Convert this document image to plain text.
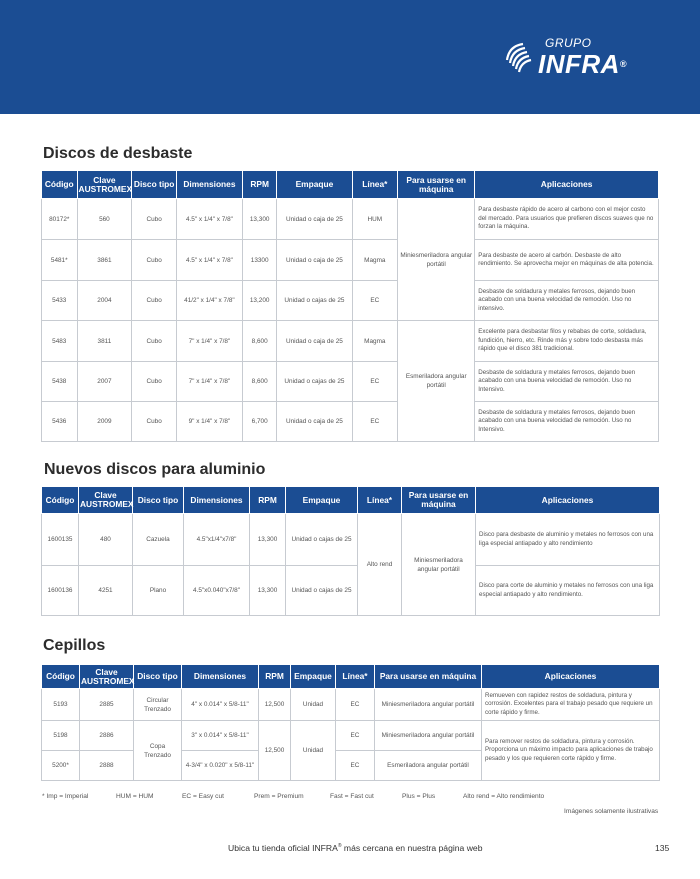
GRUPO
INFRA®
Discos de desbaste
Código	Clave AUSTROMEX	Disco tipo	Dimensiones	RPM	Empaque	Línea*	Para usarse en máquina	Aplicaciones
80172*	560	Cubo	4.5" x 1/4" x 7/8"	13,300	Unidad o caja de 25	HUM	Miniesmeriladora angular portátil	Para desbaste rápido de acero al carbono con el mejor costo del mercado. Para usuarios que prefieren discos suaves que no forzan la máquina.
5481*	3861	Cubo	4.5" x 1/4" x 7/8"	13300	Unidad o caja de 25	Magma		Para desbaste de acero al carbón. Desbaste de alto rendimiento. Se aprovecha mejor en máquinas de alta potencia.
5433	2004	Cubo	41/2" x 1/4" x 7/8"	13,200	Unidad o cajas de 25	EC		Desbaste de soldadura y metales ferrosos, dejando buen acabado con una buena velocidad de remoción. Uso no intensivo.
5483	3811	Cubo	7" x 1/4" x 7/8"	8,600	Unidad o caja de 25	Magma	Esmeriladora angular portátil	Excelente para desbastar filos y rebabas de corte, soldadura, fundición, hierro, etc. Rinde más y sobre todo desbasta más rápido que el disco 381 tradicional.
5438	2007	Cubo	7" x 1/4" x 7/8"	8,600	Unidad o cajas de 25	EC		Desbaste de soldadura y metales ferrosos, dejando buen acabado con una buena velocidad de remoción. Uso no Intensivo.
5436	2009	Cubo	9" x 1/4" x 7/8"	6,700	Unidad o caja de 25	EC		Desbaste de soldadura y metales ferrosos, dejando buen acabado con una buena velocidad de remoción. Uso no Intensivo.
Nuevos discos para aluminio
Código	Clave AUSTROMEX	Disco tipo	Dimensiones	RPM	Empaque	Línea*	Para usarse en máquina	Aplicaciones
1600135	480	Cazuela	4.5"x1/4"x7/8"	13,300	Unidad o cajas de 25	Alto rend	Miniesmeriladora angular portátil	Disco para desbaste de aluminio y metales no ferrosos con una liga especial antiapado y alto rendimiento
1600136	4251	Plano	4.5"x0.040"x7/8"	13,300	Unidad o cajas de 25			Disco para corte de aluminio y metales no ferrosos con una liga especial antiapado y alto rendimiento.
Cepillos
Código	Clave AUSTROMEX	Disco tipo	Dimensiones	RPM	Empaque	Línea*	Para usarse en máquina	Aplicaciones
5193	2885	Circular Trenzado	4" x 0.014" x 5/8-11"	12,500	Unidad	EC	Miniesmeriladora angular portátil	Remueven con rapidez restos de soldadura, pintura y corrosión. Excelentes para el trabajo pesado que requiere un corte rápido y firme.
5198	2886	Copa Trenzado	3" x 0.014" x 5/8-11"	12,500	Unidad	EC	Miniesmeriladora angular portátil	Para remover restos de soldadura, pintura y corrosión. Proporciona un máximo impacto para aplicaciones de trabajo pesado y los que requieren corte rápido y firme.
5200*	2888		4-3/4" x 0.020" x 5/8-11"			EC	Esmeriladora angular portátil	
* Imp = Imperial	HUM = HUM	EC = Easy cut	Prem = Premium	Fast = Fast cut	Plus = Plus	Alto rend = Alto rendimiento
Imágenes solamente ilustrativas
Ubica tu tienda oficial INFRA® más cercana en nuestra página web	135
